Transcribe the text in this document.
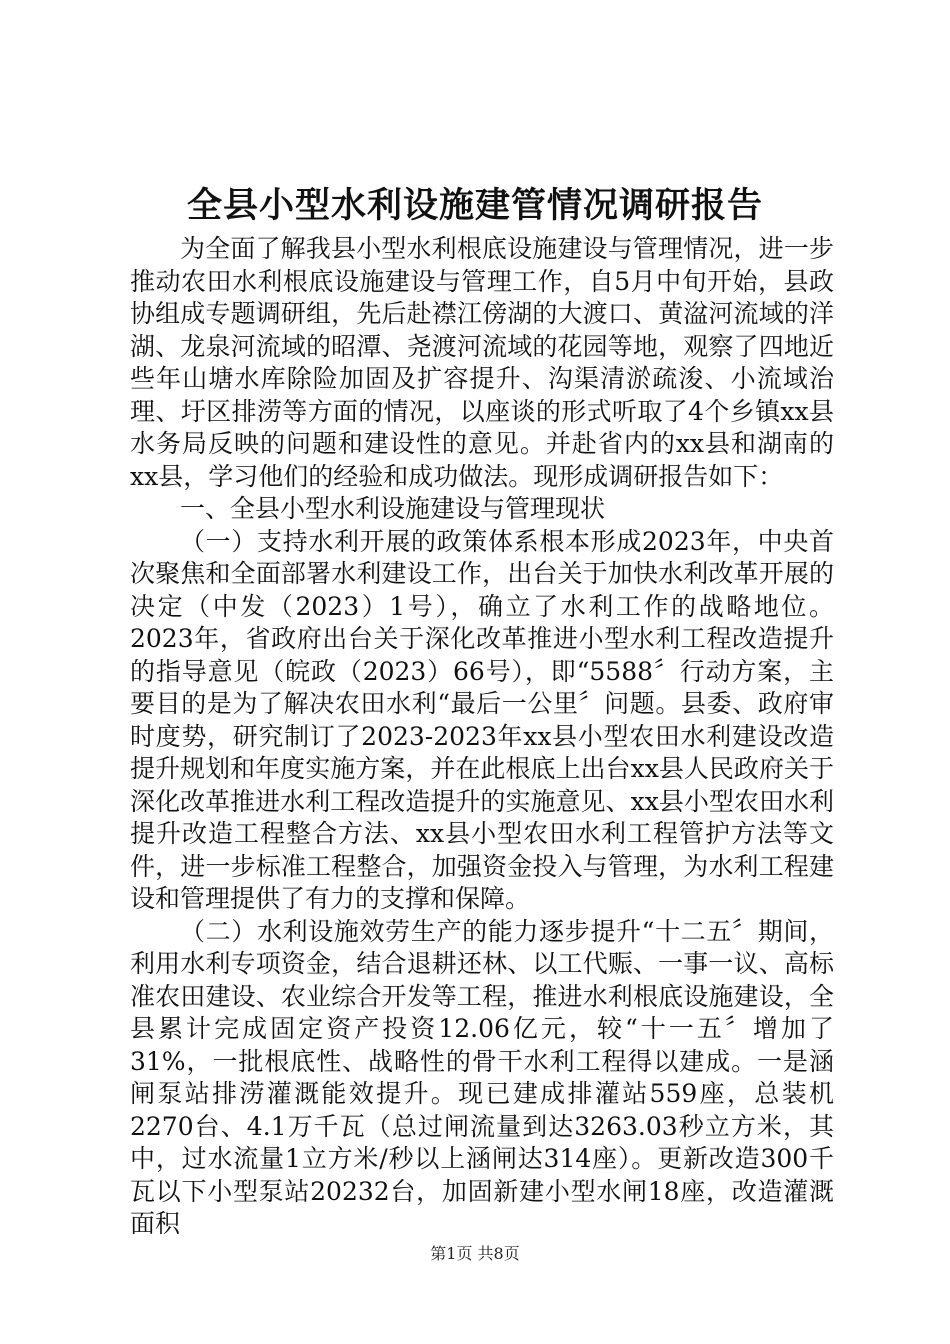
全县小型水利设施建管情况调研报告

为全面了解我县小型水利根底设施建设与管理情况，进一步推动农田水利根底设施建设与管理工作，自5月中旬开始，县政协组成专题调研组，先后赴襟江傍湖的大渡口、黄湓河流域的洋湖、龙泉河流域的昭潭、尧渡河流域的花园等地，观察了四地近些年山塘水库除险加固及扩容提升、沟渠清淤疏浚、小流域治理、圩区排涝等方面的情况，以座谈的形式听取了4个乡镇xx县水务局反映的问题和建设性的意见。并赴省内的xx县和湖南的xx县，学习他们的经验和成功做法。现形成调研报告如下：

一、全县小型水利设施建设与管理现状

（一）支持水利开展的政策体系根本形成2023年，中央首次聚焦和全面部署水利建设工作，出台关于加快水利改革开展的决定（中发（2023）1号），确立了水利工作的战略地位。2023年，省政府出台关于深化改革推进小型水利工程改造提升的指导意见（皖政（2023）66号），即“5588〞行动方案，主要目的是为了解决农田水利“最后一公里〞问题。县委、政府审时度势，研究制订了2023-2023年xx县小型农田水利建设改造提升规划和年度实施方案，并在此根底上出台xx县人民政府关于深化改革推进水利工程改造提升的实施意见、xx县小型农田水利提升改造工程整合方法、xx县小型农田水利工程管护方法等文件，进一步标准工程整合，加强资金投入与管理，为水利工程建设和管理提供了有力的支撑和保障。

（二）水利设施效劳生产的能力逐步提升“十二五〞期间，利用水利专项资金，结合退耕还林、以工代赈、一事一议、高标准农田建设、农业综合开发等工程，推进水利根底设施建设，全县累计完成固定资产投资12.06亿元，较“十一五〞增加了31%，一批根底性、战略性的骨干水利工程得以建成。一是涵闸泵站排涝灌溉能效提升。现已建成排灌站559座，总装机2270台、4.1万千瓦（总过闸流量到达3263.03秒立方米，其中，过水流量1立方米/秒以上涵闸达314座）。更新改造300千瓦以下小型泵站20232台，加固新建小型水闸18座，改造灌溉面积

第1页 共8页
